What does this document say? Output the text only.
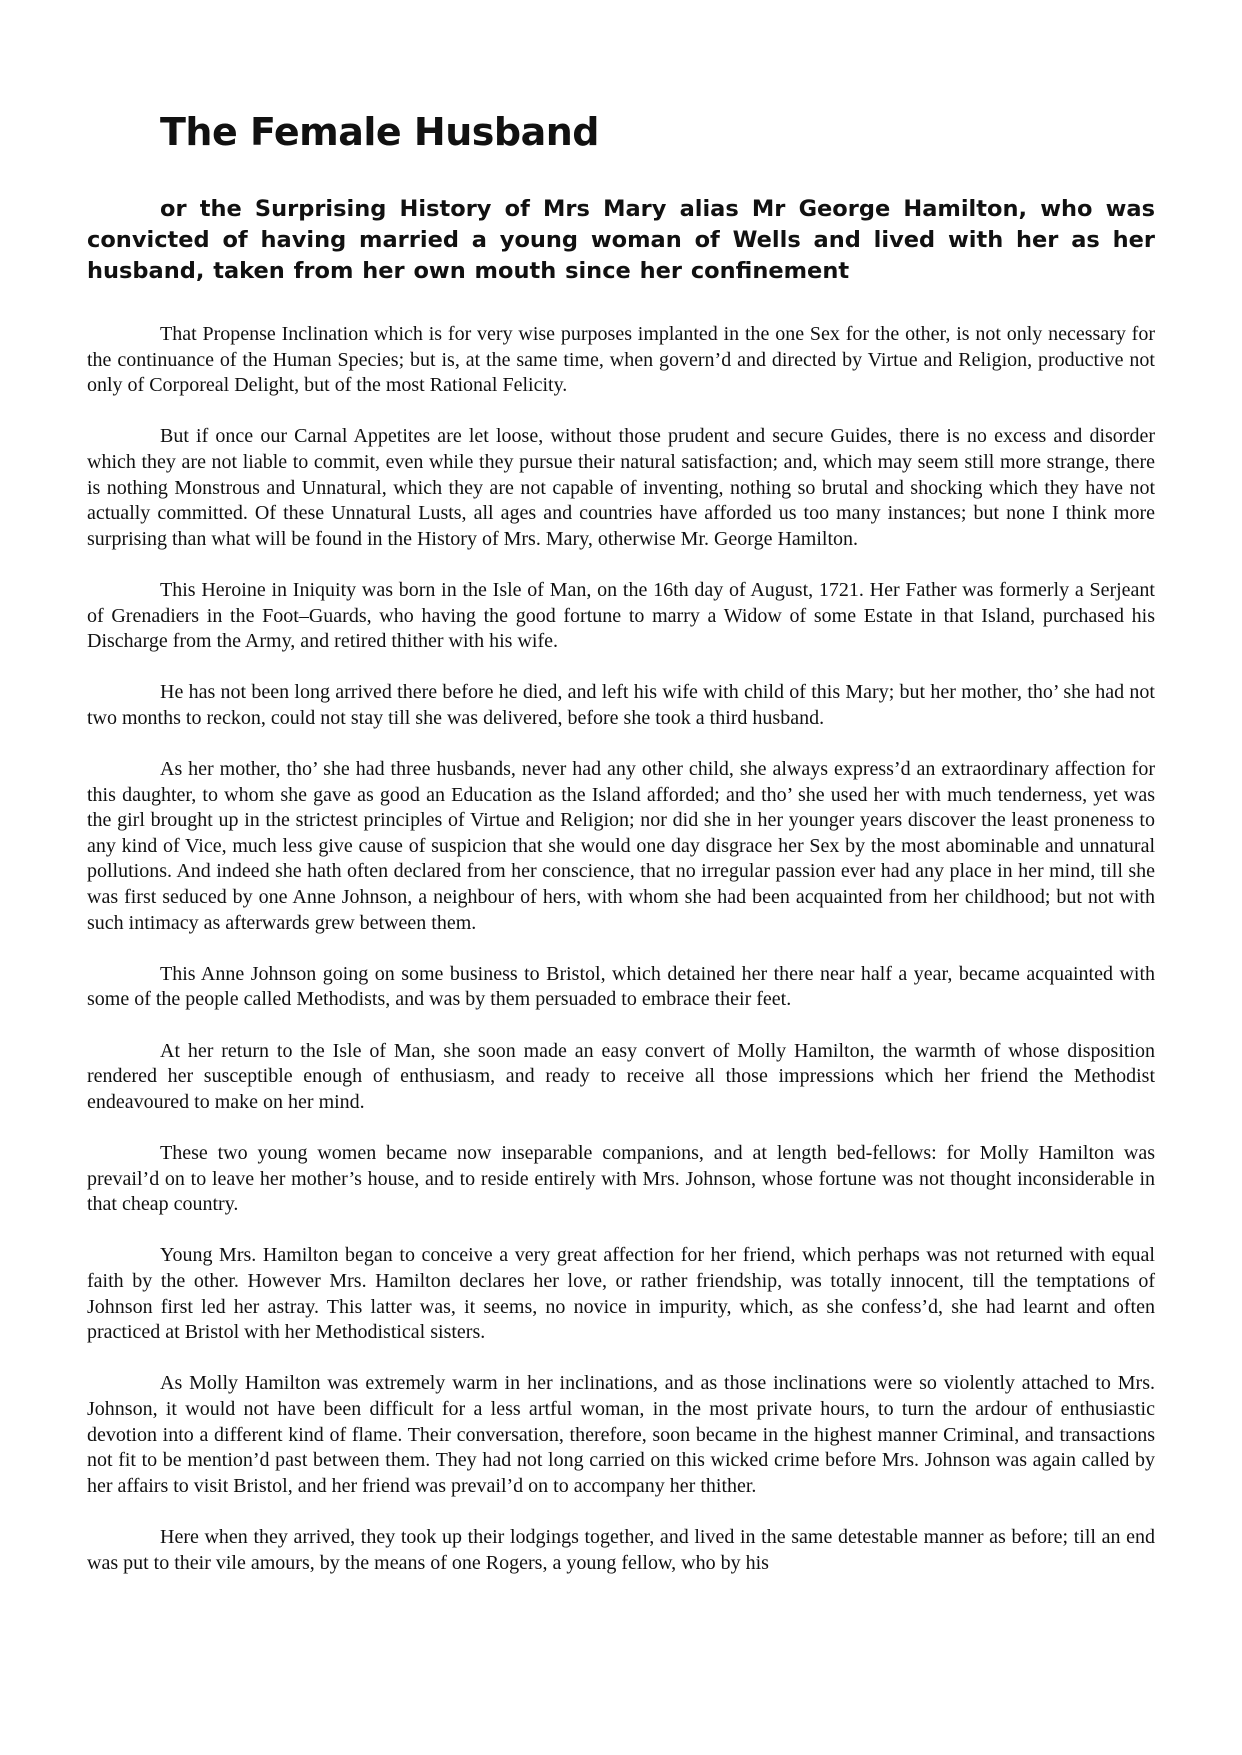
The Female Husband
or the Surprising History of Mrs Mary alias Mr George Hamilton, who was convicted of having married a young woman of Wells and lived with her as her husband, taken from her own mouth since her confinement

That Propense Inclination which is for very wise purposes implanted in the one Sex for the other, is not only necessary for the continuance of the Human Species; but is, at the same time, when govern’d and directed by Virtue and Religion, productive not only of Corporeal Delight, but of the most Rational Felicity.

But if once our Carnal Appetites are let loose, without those prudent and secure Guides, there is no excess and disorder which they are not liable to commit, even while they pursue their natural satisfaction; and, which may seem still more strange, there is nothing Monstrous and Unnatural, which they are not capable of inventing, nothing so brutal and shocking which they have not actually committed. Of these Unnatural Lusts, all ages and countries have afforded us too many instances; but none I think more surprising than what will be found in the History of Mrs. Mary, otherwise Mr. George Hamilton.

This Heroine in Iniquity was born in the Isle of Man, on the 16th day of August, 1721. Her Father was formerly a Serjeant of Grenadiers in the Foot–Guards, who having the good fortune to marry a Widow of some Estate in that Island, purchased his Discharge from the Army, and retired thither with his wife.

He has not been long arrived there before he died, and left his wife with child of this Mary; but her mother, tho’ she had not two months to reckon, could not stay till she was delivered, before she took a third husband.

As her mother, tho’ she had three husbands, never had any other child, she always express’d an extraordinary affection for this daughter, to whom she gave as good an Education as the Island afforded; and tho’ she used her with much tenderness, yet was the girl brought up in the strictest principles of Virtue and Religion; nor did she in her younger years discover the least proneness to any kind of Vice, much less give cause of suspicion that she would one day disgrace her Sex by the most abominable and unnatural pollutions. And indeed she hath often declared from her conscience, that no irregular passion ever had any place in her mind, till she was first seduced by one Anne Johnson, a neighbour of hers, with whom she had been acquainted from her childhood; but not with such intimacy as afterwards grew between them.

This Anne Johnson going on some business to Bristol, which detained her there near half a year, became acquainted with some of the people called Methodists, and was by them persuaded to embrace their feet.

At her return to the Isle of Man, she soon made an easy convert of Molly Hamilton, the warmth of whose disposition rendered her susceptible enough of enthusiasm, and ready to receive all those impressions which her friend the Methodist endeavoured to make on her mind.

These two young women became now inseparable companions, and at length bed-fellows: for Molly Hamilton was prevail’d on to leave her mother’s house, and to reside entirely with Mrs. Johnson, whose fortune was not thought inconsiderable in that cheap country.

Young Mrs. Hamilton began to conceive a very great affection for her friend, which perhaps was not returned with equal faith by the other. However Mrs. Hamilton declares her love, or rather friendship, was totally innocent, till the temptations of Johnson first led her astray. This latter was, it seems, no novice in impurity, which, as she confess’d, she had learnt and often practiced at Bristol with her Methodistical sisters.

As Molly Hamilton was extremely warm in her inclinations, and as those inclinations were so violently attached to Mrs. Johnson, it would not have been difficult for a less artful woman, in the most private hours, to turn the ardour of enthusiastic devotion into a different kind of flame. Their conversation, therefore, soon became in the highest manner Criminal, and transactions not fit to be mention’d past between them. They had not long carried on this wicked crime before Mrs. Johnson was again called by her affairs to visit Bristol, and her friend was prevail’d on to accompany her thither.

Here when they arrived, they took up their lodgings together, and lived in the same detestable manner as before; till an end was put to their vile amours, by the means of one Rogers, a young fellow, who by his
